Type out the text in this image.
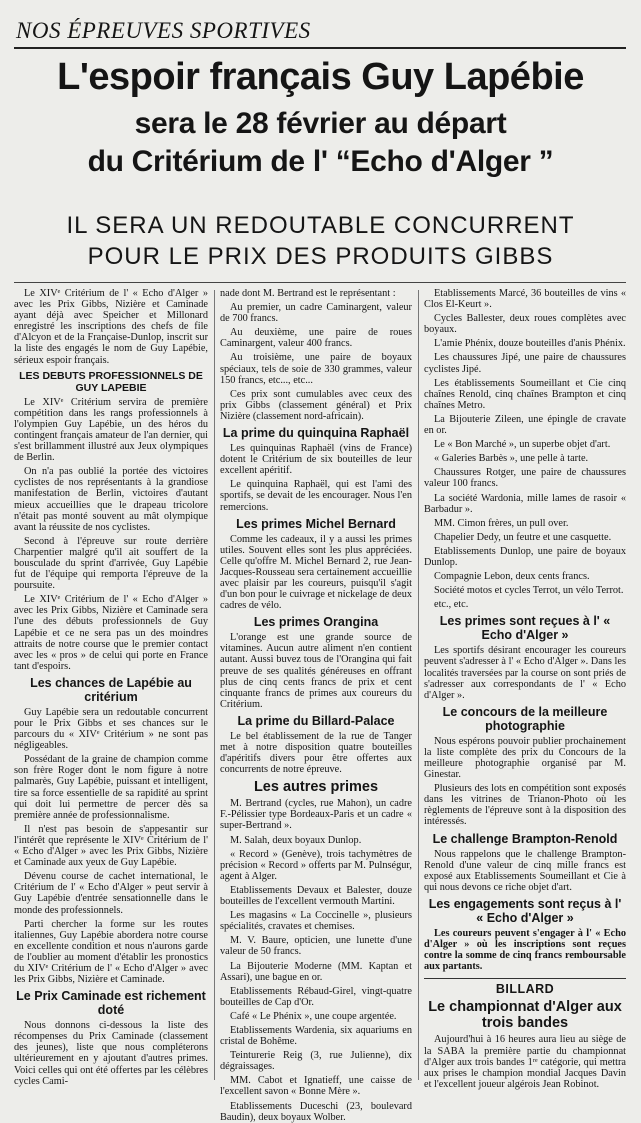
NOS ÉPREUVES SPORTIVES
L'espoir français Guy Lapébie
sera le 28 février au départ
du Critérium de l' “Echo d'Alger ”
IL SERA UN REDOUTABLE CONCURRENT
POUR LE PRIX DES PRODUITS GIBBS

Le XIVᵉ Critérium de l' « Echo d'Alger » avec les Prix Gibbs, Nizière et Caminade ayant déjà avec Speicher et Millonard enregistré les inscriptions des chefs de file d'Alcyon et de la Française-Dunlop, inscrit sur la liste des engagés le nom de Guy Lapébie, sérieux espoir français.

LES DEBUTS PROFESSIONNELS DE GUY LAPEBIE

Le XIVᵉ Critérium servira de première compétition dans les rangs professionnels à l'olympien Guy Lapébie, un des héros du contingent français amateur de l'an dernier, qui s'est brillamment illustré aux Jeux olympiques de Berlin.

On n'a pas oublié la portée des victoires cyclistes de nos représentants à la grandiose manifestation de Berlin, victoires d'autant mieux accueillies que le drapeau tricolore n'était pas monté souvent au mât olympique avant la réussite de nos cyclistes.

Second à l'épreuve sur route derrière Charpentier malgré qu'il ait souffert de la bousculade du sprint d'arrivée, Guy Lapébie fut de l'équipe qui remporta l'épreuve de la poursuite.

Le XIVᵉ Critérium de l' « Echo d'Alger » avec les Prix Gibbs, Nizière et Caminade sera l'une des débuts professionnels de Guy Lapébie et ce ne sera pas un des moindres attraits de notre course que le premier contact avec les « pros » de celui qui porte en France tant d'espoirs.

Les chances de Lapébie au critérium

Guy Lapébie sera un redoutable concurrent pour le Prix Gibbs et ses chances sur le parcours du « XIVᵉ Critérium » ne sont pas négligeables.

Possédant de la graine de champion comme son frère Roger dont le nom figure à notre palmarès, Guy Lapébie, puissant et intelligent, tire sa force essentielle de sa rapidité au sprint qui doit lui permettre de percer dès sa première année de professionnalisme.

Il n'est pas besoin de s'appesantir sur l'intérêt que représente le XIVᵉ Critérium de l' « Echo d'Alger » avec les Prix Gibbs, Nizière et Caminade aux yeux de Guy Lapébie.

Dévenu course de cachet international, le Critérium de l' « Echo d'Alger » peut servir à Guy Lapébie d'entrée sensationnelle dans le monde des professionnels.

Parti chercher la forme sur les routes italiennes, Guy Lapébie abordera notre course en excellente condition et nous n'aurons garde de l'oublier au moment d'établir les pronostics du XIVᵉ Critérium de l' « Echo d'Alger » avec les Prix Gibbs, Nizière et Caminade.

Le Prix Caminade est richement doté

Nous donnons ci-dessous la liste des récompenses du Prix Caminade (classement des jeunes), liste que nous compléterons ultérieurement en y ajoutant d'autres primes. Voici celles qui ont été offertes par les célèbres cycles Cami-

nade dont M. Bertrand est le représentant :

Au premier, un cadre Caminargent, valeur de 700 francs.

Au deuxième, une paire de roues Caminargent, valeur 400 francs.

Au troisième, une paire de boyaux spéciaux, tels de soie de 330 grammes, valeur 150 francs, etc..., etc...

Ces prix sont cumulables avec ceux des prix Gibbs (classement général) et Prix Nizière (classement nord-africain).

La prime du quinquina Raphaël

Les quinquinas Raphaël (vins de France) dotent le Critérium de six bouteilles de leur excellent apéritif.

Le quinquina Raphaël, qui est l'ami des sportifs, se devait de les encourager. Nous l'en remercions.

Les primes Michel Bernard

Comme les cadeaux, il y a aussi les primes utiles. Souvent elles sont les plus appréciées. Celle qu'offre M. Michel Bernard 2, rue Jean-Jacques-Rousseau sera certainement accueillie avec plaisir par les coureurs, puisqu'il s'agit d'un bon pour le cuivrage et nickelage de deux cadres de vélo.

Les primes Orangina

L'orange est une grande source de vitamines. Aucun autre aliment n'en contient autant. Aussi buvez tous de l'Orangina qui fait preuve de ses qualités généreuses en offrant plus de cinq cents francs de prix et cent cinquante francs de primes aux coureurs du Critérium.

La prime du Billard-Palace

Le bel établissement de la rue de Tanger met à notre disposition quatre bouteilles d'apéritifs divers pour être offertes aux concurrents de notre épreuve.

Les autres primes

M. Bertrand (cycles, rue Mahon), un cadre F.-Pélissier type Bordeaux-Paris et un cadre « super-Bertrand ».

M. Salah, deux boyaux Dunlop.

« Record » (Genève), trois tachymètres de précision « Record » offerts par M. Pulnségur, agent à Alger.

Etablissements Devaux et Balester, douze bouteilles de l'excellent vermouth Martini.

Les magasins « La Coccinelle », plusieurs spécialités, cravates et chemises.

M. V. Baure, opticien, une lunette d'une valeur de 50 francs.

La Bijouterie Moderne (MM. Kaptan et Assari), une bague en or.

Etablissements Rébaud-Girel, vingt-quatre bouteilles de Cap d'Or.

Café « Le Phénix », une coupe argentée.

Etablissements Wardenia, six aquariums en cristal de Bohême.

Teinturerie Reig (3, rue Julienne), dix dégraissages.

MM. Cabot et Ignatieff, une caisse de l'excellent savon « Bonne Mère ».

Etablissements Duceschi (23, boulevard Baudin), deux boyaux Wolber.

Etablissements Marcé, 36 bouteilles de vins « Clos El-Keurt ».

Cycles Ballester, deux roues complètes avec boyaux.

L'amie Phénix, douze bouteilles d'anis Phénix.

Les chaussures Jipé, une paire de chaussures cyclistes Jipé.

Les établissements Soumeillant et Cie cinq chaînes Renold, cinq chaînes Brampton et cinq chaînes Metro.

La Bijouterie Zileen, une épingle de cravate en or.

Le « Bon Marché », un superbe objet d'art.

« Galeries Barbès », une pelle à tarte.

Chaussures Rotger, une paire de chaussures valeur 100 francs.

La société Wardonia, mille lames de rasoir « Barbadur ».

MM. Cimon frères, un pull over.

Chapelier Dedy, un feutre et une casquette.

Etablissements Dunlop, une paire de boyaux Dunlop.

Compagnie Lebon, deux cents francs.

Société motos et cycles Terrot, un vélo Terrot.

etc., etc.

Les primes sont reçues à l' « Echo d'Alger »

Les sportifs désirant encourager les coureurs peuvent s'adresser à l' « Echo d'Alger ». Dans les localités traversées par la course on sont priés de s'adresser aux correspondants de l' « Echo d'Alger ».

Le concours de la meilleure photographie

Nous espérons pouvoir publier prochainement la liste complète des prix du Concours de la meilleure photographie organisé par M. Ginestar.

Plusieurs des lots en compétition sont exposés dans les vitrines de Trianon-Photo où les règlements de l'épreuve sont à la disposition des intéressés.

Le challenge Brampton-Renold

Nous rappelons que le challenge Brampton-Renold d'une valeur de cinq mille francs est exposé aux Etablissements Soumeillant et Cie à qui nous devons ce riche objet d'art.

Les engagements sont reçus à l' « Echo d'Alger »

Les coureurs peuvent s'engager à l' « Echo d'Alger » où les inscriptions sont reçues contre la somme de cinq francs remboursable aux partants.

BILLARD
Le championnat d'Alger aux trois bandes

Aujourd'hui à 16 heures aura lieu au siège de la SABA la première partie du championnat d'Alger aux trois bandes 1ʳᵉ catégorie, qui mettra aux prises le champion mondial Jacques Davin et l'excellent joueur algérois Jean Robinot.
